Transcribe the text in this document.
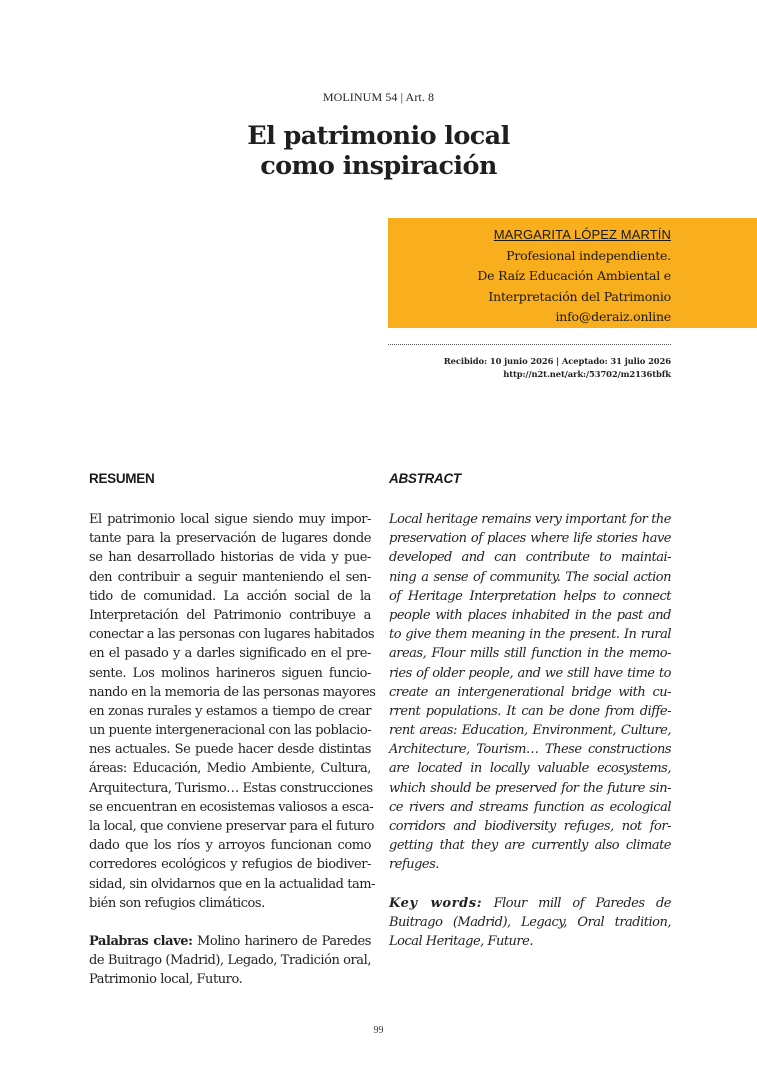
MOLINUM 54 | Art. 8
El patrimonio local
como inspiración
MARGARITA LÓPEZ MARTÍN
Profesional independiente.
De Raíz Educación Ambiental e
Interpretación del Patrimonio
info@deraiz.online
Recibido: 10 junio 2026 | Aceptado: 31 julio 2026
http://n2t.net/ark:/53702/m2136tbfk
RESUMEN	ABSTRACT
El patrimonio local sigue siendo muy impor-
tante para la preservación de lugares donde
se han desarrollado historias de vida y pue-
den contribuir a seguir manteniendo el sen-
tido de comunidad. La acción social de la
Interpretación del Patrimonio contribuye a
conectar a las personas con lugares habitados
en el pasado y a darles significado en el pre-
sente. Los molinos harineros siguen funcio-
nando en la memoria de las personas mayores
en zonas rurales y estamos a tiempo de crear
un puente intergeneracional con las poblacio-
nes actuales. Se puede hacer desde distintas
áreas: Educación, Medio Ambiente, Cultura,
Arquitectura, Turismo… Estas construcciones
se encuentran en ecosistemas valiosos a esca-
la local, que conviene preservar para el futuro
dado que los ríos y arroyos funcionan como
corredores ecológicos y refugios de biodiver-
sidad, sin olvidarnos que en la actualidad tam-
bién son refugios climáticos.
Palabras clave: Molino harinero de Paredes
de Buitrago (Madrid), Legado, Tradición oral,
Patrimonio local, Futuro.
Local heritage remains very important for the
preservation of places where life stories have
developed and can contribute to maintai-
ning a sense of community. The social action
of Heritage Interpretation helps to connect
people with places inhabited in the past and
to give them meaning in the present. In rural
areas, Flour mills still function in the memo-
ries of older people, and we still have time to
create an intergenerational bridge with cu-
rrent populations. It can be done from diffe-
rent areas: Education, Environment, Culture,
Architecture, Tourism… These constructions
are located in locally valuable ecosystems,
which should be preserved for the future sin-
ce rivers and streams function as ecological
corridors and biodiversity refuges, not for-
getting that they are currently also climate
refuges.
Key words: Flour mill of Paredes de
Buitrago (Madrid), Legacy, Oral tradition,
Local Heritage, Future.
99
